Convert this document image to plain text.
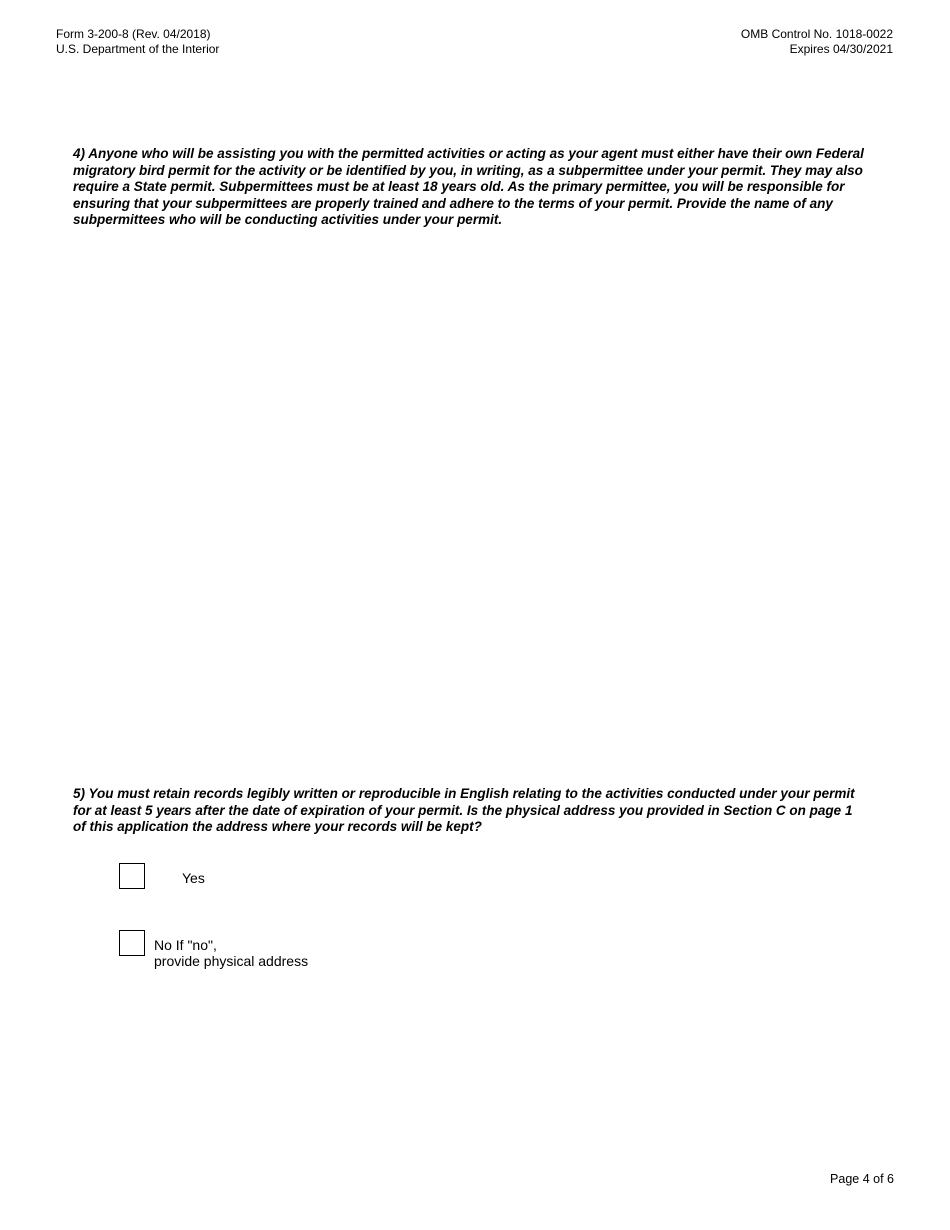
Form 3-200-8 (Rev. 04/2018)
U.S. Department of the Interior
OMB Control No. 1018-0022
Expires 04/30/2021
4) Anyone who will be assisting you with the permitted activities or acting as your agent must either have their own Federal migratory bird permit for the activity or be identified by you, in writing, as a subpermittee under your permit. They may also require a State permit. Subpermittees must be at least 18 years old. As the primary permittee, you will be responsible for ensuring that your subpermittees are properly trained and adhere to the terms of your permit. Provide the name of any subpermittees who will be conducting activities under your permit.
5) You must retain records legibly written or reproducible in English relating to the activities conducted under your permit for at least 5 years after the date of expiration of your permit. Is the physical address you provided in Section C on page 1 of this application the address where your records will be kept?
Yes
No If "no",
provide physical address
Page 4 of 6
